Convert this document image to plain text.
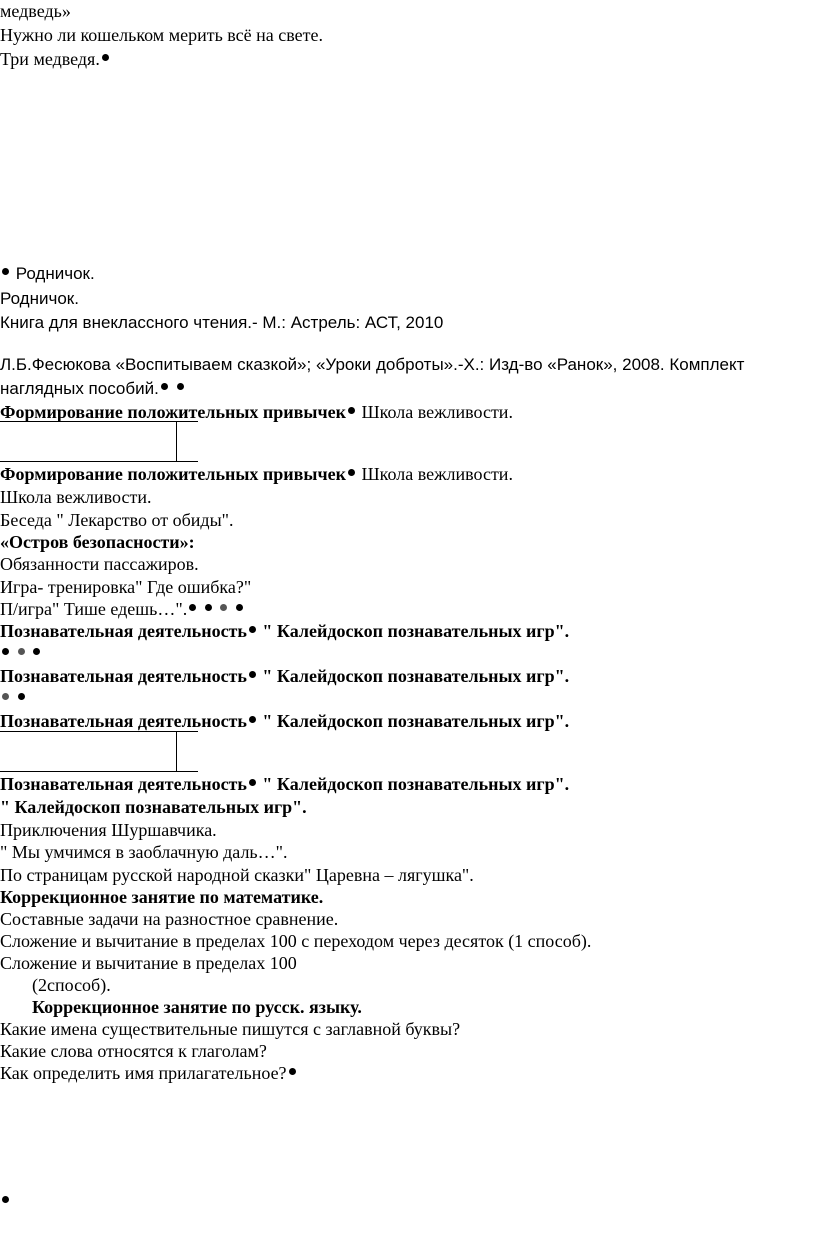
медведь»
Нужно ли кошельком мерить всё на свете.
Три медведя.
Родничок.
Родничок.
Книга для внеклассного чтения.- М.: Астрель: АСТ, 2010
Л.Б.Фесюкова «Воспитываем сказкой»; «Уроки доброты».-Х.: Изд-во «Ранок», 2008. Комплект
наглядных пособий.
Формирование положительных привычек Школа вежливости.
Формирование положительных привычек Школа вежливости.
Школа вежливости.
Беседа " Лекарство от обиды".
«Остров безопасности»:
Обязанности пассажиров.
Игра- тренировка" Где ошибка?"
П/игра" Тише едешь…".
Познавательная деятельность " Калейдоскоп познавательных игр".

Познавательная деятельность " Калейдоскоп познавательных игр".

Познавательная деятельность " Калейдоскоп познавательных игр".
Познавательная деятельность " Калейдоскоп познавательных игр".
" Калейдоскоп познавательных игр".
Приключения Шуршавчика.
" Мы умчимся в заоблачную даль…".
По страницам русской народной сказки" Царевна – лягушка".
Коррекционное занятие по математике.
Составные задачи на разностное сравнение.
Сложение и вычитание в пределах 100 с переходом через десяток (1 способ).
Сложение и вычитание в пределах 100
(2способ).
Коррекционное занятие по русск. языку.
Какие имена существительные пишутся с заглавной буквы?
Какие слова относятся к глаголам?
Как определить имя прилагательное?
